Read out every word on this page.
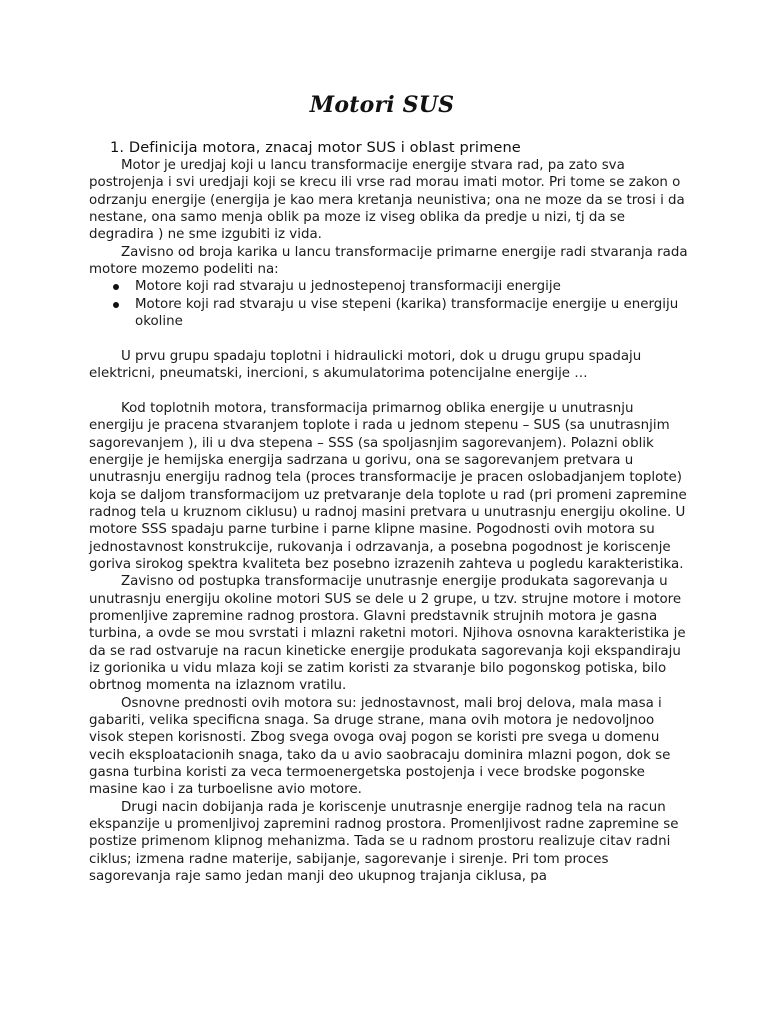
Motori SUS
1. Definicija motora, znacaj motor SUS i oblast primene

Motor je uredjaj koji u lancu transformacije energije stvara rad, pa zato sva postrojenja i svi uredjaji koji se krecu ili vrse rad morau imati motor. Pri tome se zakon o odrzanju energije (energija je kao mera kretanja neunistiva; ona ne moze da se trosi i da nestane, ona samo menja oblik pa moze iz viseg oblika da predje u nizi, tj da se degradira ) ne sme izgubiti iz vida.

Zavisno od broja karika u lancu transformacije primarne energije radi stvaranja rada motore mozemo podeliti na:

Motore koji rad stvaraju u jednostepenoj transformaciji energije
Motore koji rad stvaraju u vise stepeni (karika) transformacije energije u energiju okoline

U prvu grupu spadaju toplotni i hidraulicki motori, dok u drugu grupu spadaju elektricni, pneumatski, inercioni, s akumulatorima potencijalne energije …

Kod toplotnih motora, transformacija primarnog oblika energije u unutrasnju energiju je pracena stvaranjem toplote i rada u jednom stepenu – SUS (sa unutrasnjim sagorevanjem ), ili u dva stepena – SSS (sa spoljasnjim sagorevanjem). Polazni oblik energije je hemijska energija sadrzana u gorivu, ona se sagorevanjem pretvara u unutrasnju energiju radnog tela (proces transformacije je pracen oslobadjanjem toplote) koja se daljom transformacijom uz pretvaranje dela toplote u rad (pri promeni zapremine radnog tela u kruznom ciklusu) u radnoj masini pretvara u unutrasnju energiju okoline. U motore SSS spadaju parne turbine i parne klipne masine. Pogodnosti ovih motora su jednostavnost konstrukcije, rukovanja i odrzavanja, a posebna pogodnost je koriscenje goriva sirokog spektra kvaliteta bez posebno izrazenih zahteva u pogledu karakteristika.

Zavisno od postupka transformacije unutrasnje energije produkata sagorevanja u unutrasnju energiju okoline motori SUS se dele u 2 grupe, u tzv. strujne motore i motore promenljive zapremine radnog prostora. Glavni predstavnik strujnih motora je gasna turbina, a ovde se mou svrstati i mlazni raketni motori. Njihova osnovna karakteristika je da se rad ostvaruje na racun kineticke energije produkata sagorevanja koji ekspandiraju iz gorionika u vidu mlaza koji se zatim koristi za stvaranje bilo pogonskog potiska, bilo obrtnog momenta na izlaznom vratilu.

Osnovne prednosti ovih motora su: jednostavnost, mali broj delova, mala masa i gabariti, velika specificna snaga. Sa druge strane, mana ovih motora je nedovoljnoo visok stepen korisnosti. Zbog svega ovoga ovaj pogon se koristi pre svega u domenu vecih eksploatacionih snaga, tako da u avio saobracaju dominira mlazni pogon, dok se gasna turbina koristi za veca termoenergetska postojenja i vece brodske pogonske masine kao i za turboelisne avio motore.

Drugi nacin dobijanja rada je koriscenje unutrasnje energije radnog tela na racun ekspanzije u promenljivoj zapremini radnog prostora. Promenljivost radne zapremine se postize primenom klipnog mehanizma. Tada se u radnom prostoru realizuje citav radni ciklus; izmena radne materije, sabijanje, sagorevanje i sirenje. Pri tom proces sagorevanja raje samo jedan manji deo ukupnog trajanja ciklusa, pa
